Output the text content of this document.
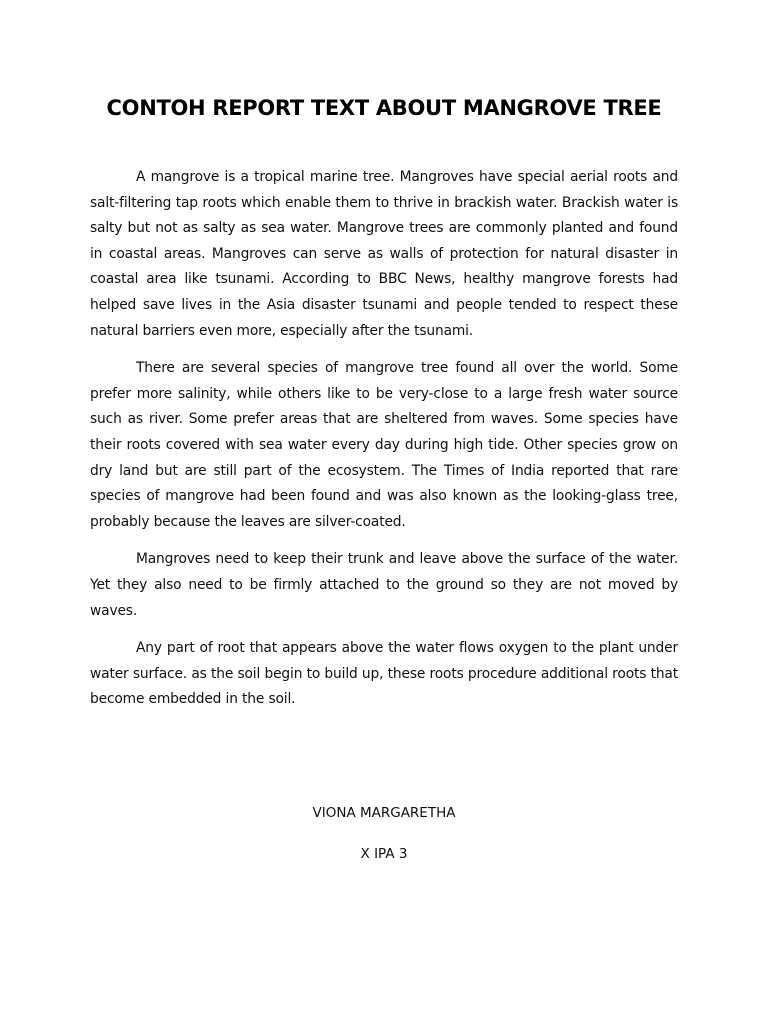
CONTOH REPORT TEXT ABOUT MANGROVE TREE

A mangrove is a tropical marine tree. Mangroves have special aerial roots and salt-filtering tap roots which enable them to thrive in brackish water. Brackish water is salty but not as salty as sea water. Mangrove trees are commonly planted and found in coastal areas. Mangroves can serve as walls of protection for natural disaster in coastal area like tsunami. According to BBC News, healthy mangrove forests had helped save lives in the Asia disaster tsunami and people tended to respect these natural barriers even more, especially after the tsunami.

There are several species of mangrove tree found all over the world. Some prefer more salinity, while others like to be very-close to a large fresh water source such as river. Some prefer areas that are sheltered from waves. Some species have their roots covered with sea water every day during high tide. Other species grow on dry land but are still part of the ecosystem. The Times of India reported that rare species of mangrove had been found and was also known as the looking-glass tree, probably because the leaves are silver-coated.

Mangroves need to keep their trunk and leave above the surface of the water. Yet they also need to be firmly attached to the ground so they are not moved by waves.

Any part of root that appears above the water flows oxygen to the plant under water surface. as the soil begin to build up, these roots procedure additional roots that become embedded in the soil.

VIONA MARGARETHA
X IPA 3
